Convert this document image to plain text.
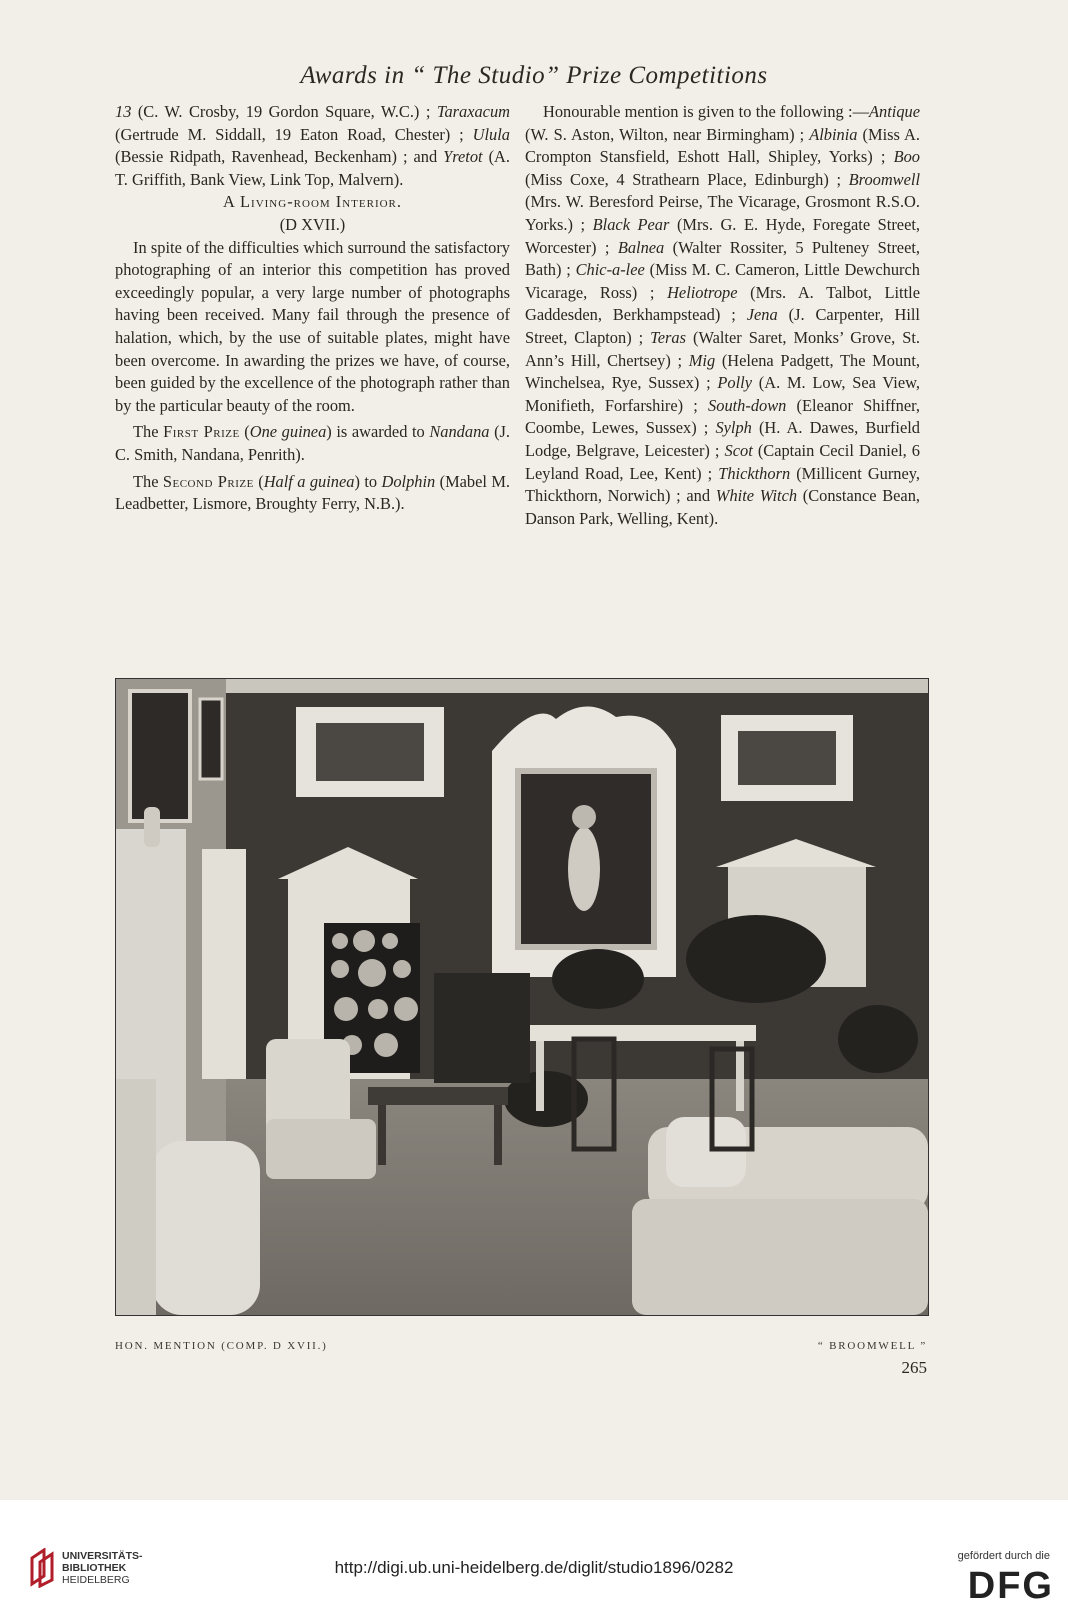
Awards in “ The Studio” Prize Competitions

13 (C. W. Crosby, 19 Gordon Square, W.C.) ; Taraxacum (Gertrude M. Siddall, 19 Eaton Road, Chester) ; Ulula (Bessie Ridpath, Ravenhead, Beckenham) ; and Yretot (A. T. Griffith, Bank View, Link Top, Malvern).

A Living-room Interior.

(D XVII.)

In spite of the difficulties which surround the satisfactory photographing of an interior this competition has proved exceedingly popular, a very large number of photographs having been received. Many fail through the presence of halation, which, by the use of suitable plates, might have been overcome. In awarding the prizes we have, of course, been guided by the excellence of the photograph rather than by the particular beauty of the room.

The First Prize (One guinea) is awarded to Nandana (J. C. Smith, Nandana, Penrith).

The Second Prize (Half a guinea) to Dolphin (Mabel M. Leadbetter, Lismore, Broughty Ferry, N.B.).

Honourable mention is given to the following :—Antique (W. S. Aston, Wilton, near Birmingham) ; Albinia (Miss A. Crompton Stansfield, Eshott Hall, Shipley, Yorks) ; Boo (Miss Coxe, 4 Strathearn Place, Edinburgh) ; Broomwell (Mrs. W. Beresford Peirse, The Vicarage, Grosmont R.S.O. Yorks.) ; Black Pear (Mrs. G. E. Hyde, Foregate Street, Worcester) ; Balnea (Walter Rossiter, 5 Pulteney Street, Bath) ; Chic-a-lee (Miss M. C. Cameron, Little Dewchurch Vicarage, Ross) ; Heliotrope (Mrs. A. Talbot, Little Gaddesden, Berkhampstead) ; Jena (J. Carpenter, Hill Street, Clapton) ; Teras (Walter Saret, Monks’ Grove, St. Ann’s Hill, Chertsey) ; Mig (Helena Padgett, The Mount, Winchelsea, Rye, Sussex) ; Polly (A. M. Low, Sea View, Monifieth, Forfarshire) ; South-down (Eleanor Shiffner, Coombe, Lewes, Sussex) ; Sylph (H. A. Dawes, Burfield Lodge, Belgrave, Leicester) ; Scot (Captain Cecil Daniel, 6 Leyland Road, Lee, Kent) ; Thickthorn (Millicent Gurney, Thickthorn, Norwich) ; and White Witch (Constance Bean, Danson Park, Welling, Kent).

HON. MENTION (COMP. D XVII.)	“ BROOMWELL ”
265
UNIVERSITÄTS-
BIBLIOTHEK
HEIDELBERG
http://digi.ub.uni-heidelberg.de/diglit/studio1896/0282
gefördert durch die
DFG
